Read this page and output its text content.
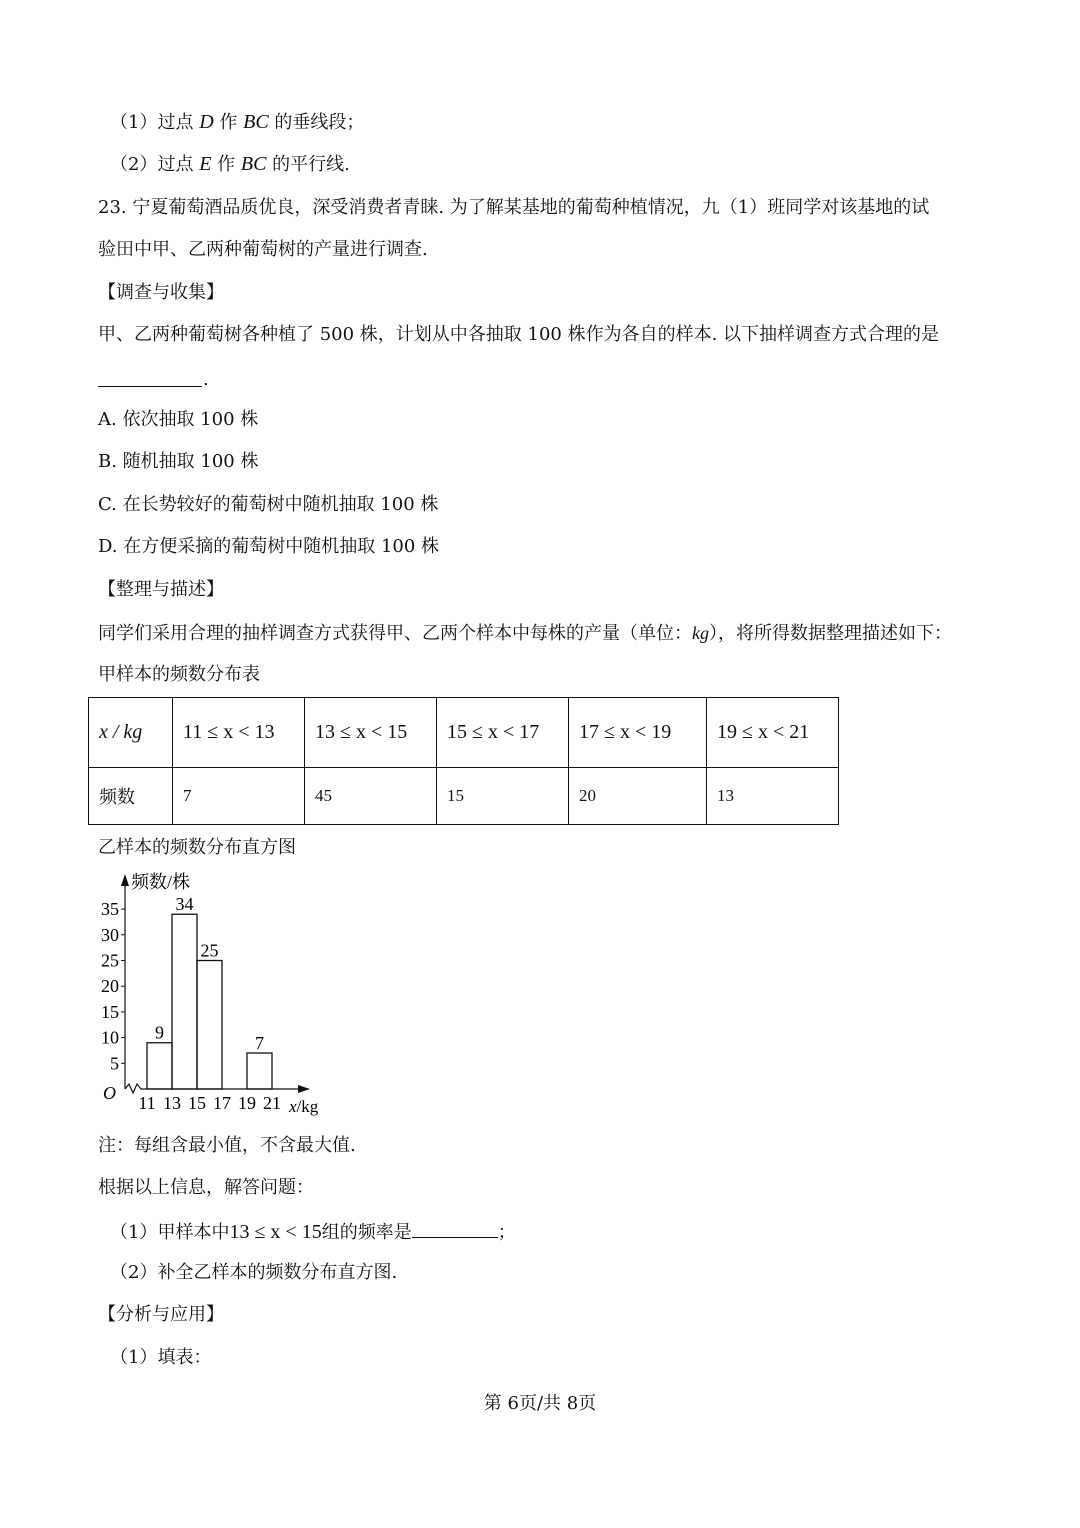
（1）过点 D 作 BC 的垂线段；
（2）过点 E 作 BC 的平行线.
23. 宁夏葡萄酒品质优良，深受消费者青睐. 为了解某基地的葡萄种植情况，九（1）班同学对该基地的试
验田中甲、乙两种葡萄树的产量进行调查.
【调查与收集】
甲、乙两种葡萄树各种植了 500 株，计划从中各抽取 100 株作为各自的样本. 以下抽样调查方式合理的是
.
A. 依次抽取 100 株
B. 随机抽取 100 株
C. 在长势较好的葡萄树中随机抽取 100 株
D. 在方便采摘的葡萄树中随机抽取 100 株
【整理与描述】
同学们采用合理的抽样调查方式获得甲、乙两个样本中每株的产量（单位：kg），将所得数据整理描述如下：
甲样本的频数分布表
x / kg	11 ≤ x < 13	13 ≤ x < 15	15 ≤ x < 17	17 ≤ x < 19	19 ≤ x < 21
频数	7	45	15	20	13
乙样本的频数分布直方图
频数/株
x/kg
O
5
10
15
20
25
30
35
11 13 15 17 19 21
9
34
25
7
注：每组含最小值，不含最大值.
根据以上信息，解答问题：
（1）甲样本中13 ≤ x < 15组的频率是	；
（2）补全乙样本的频数分布直方图.
【分析与应用】
（1）填表：
第 6页/共 8页
